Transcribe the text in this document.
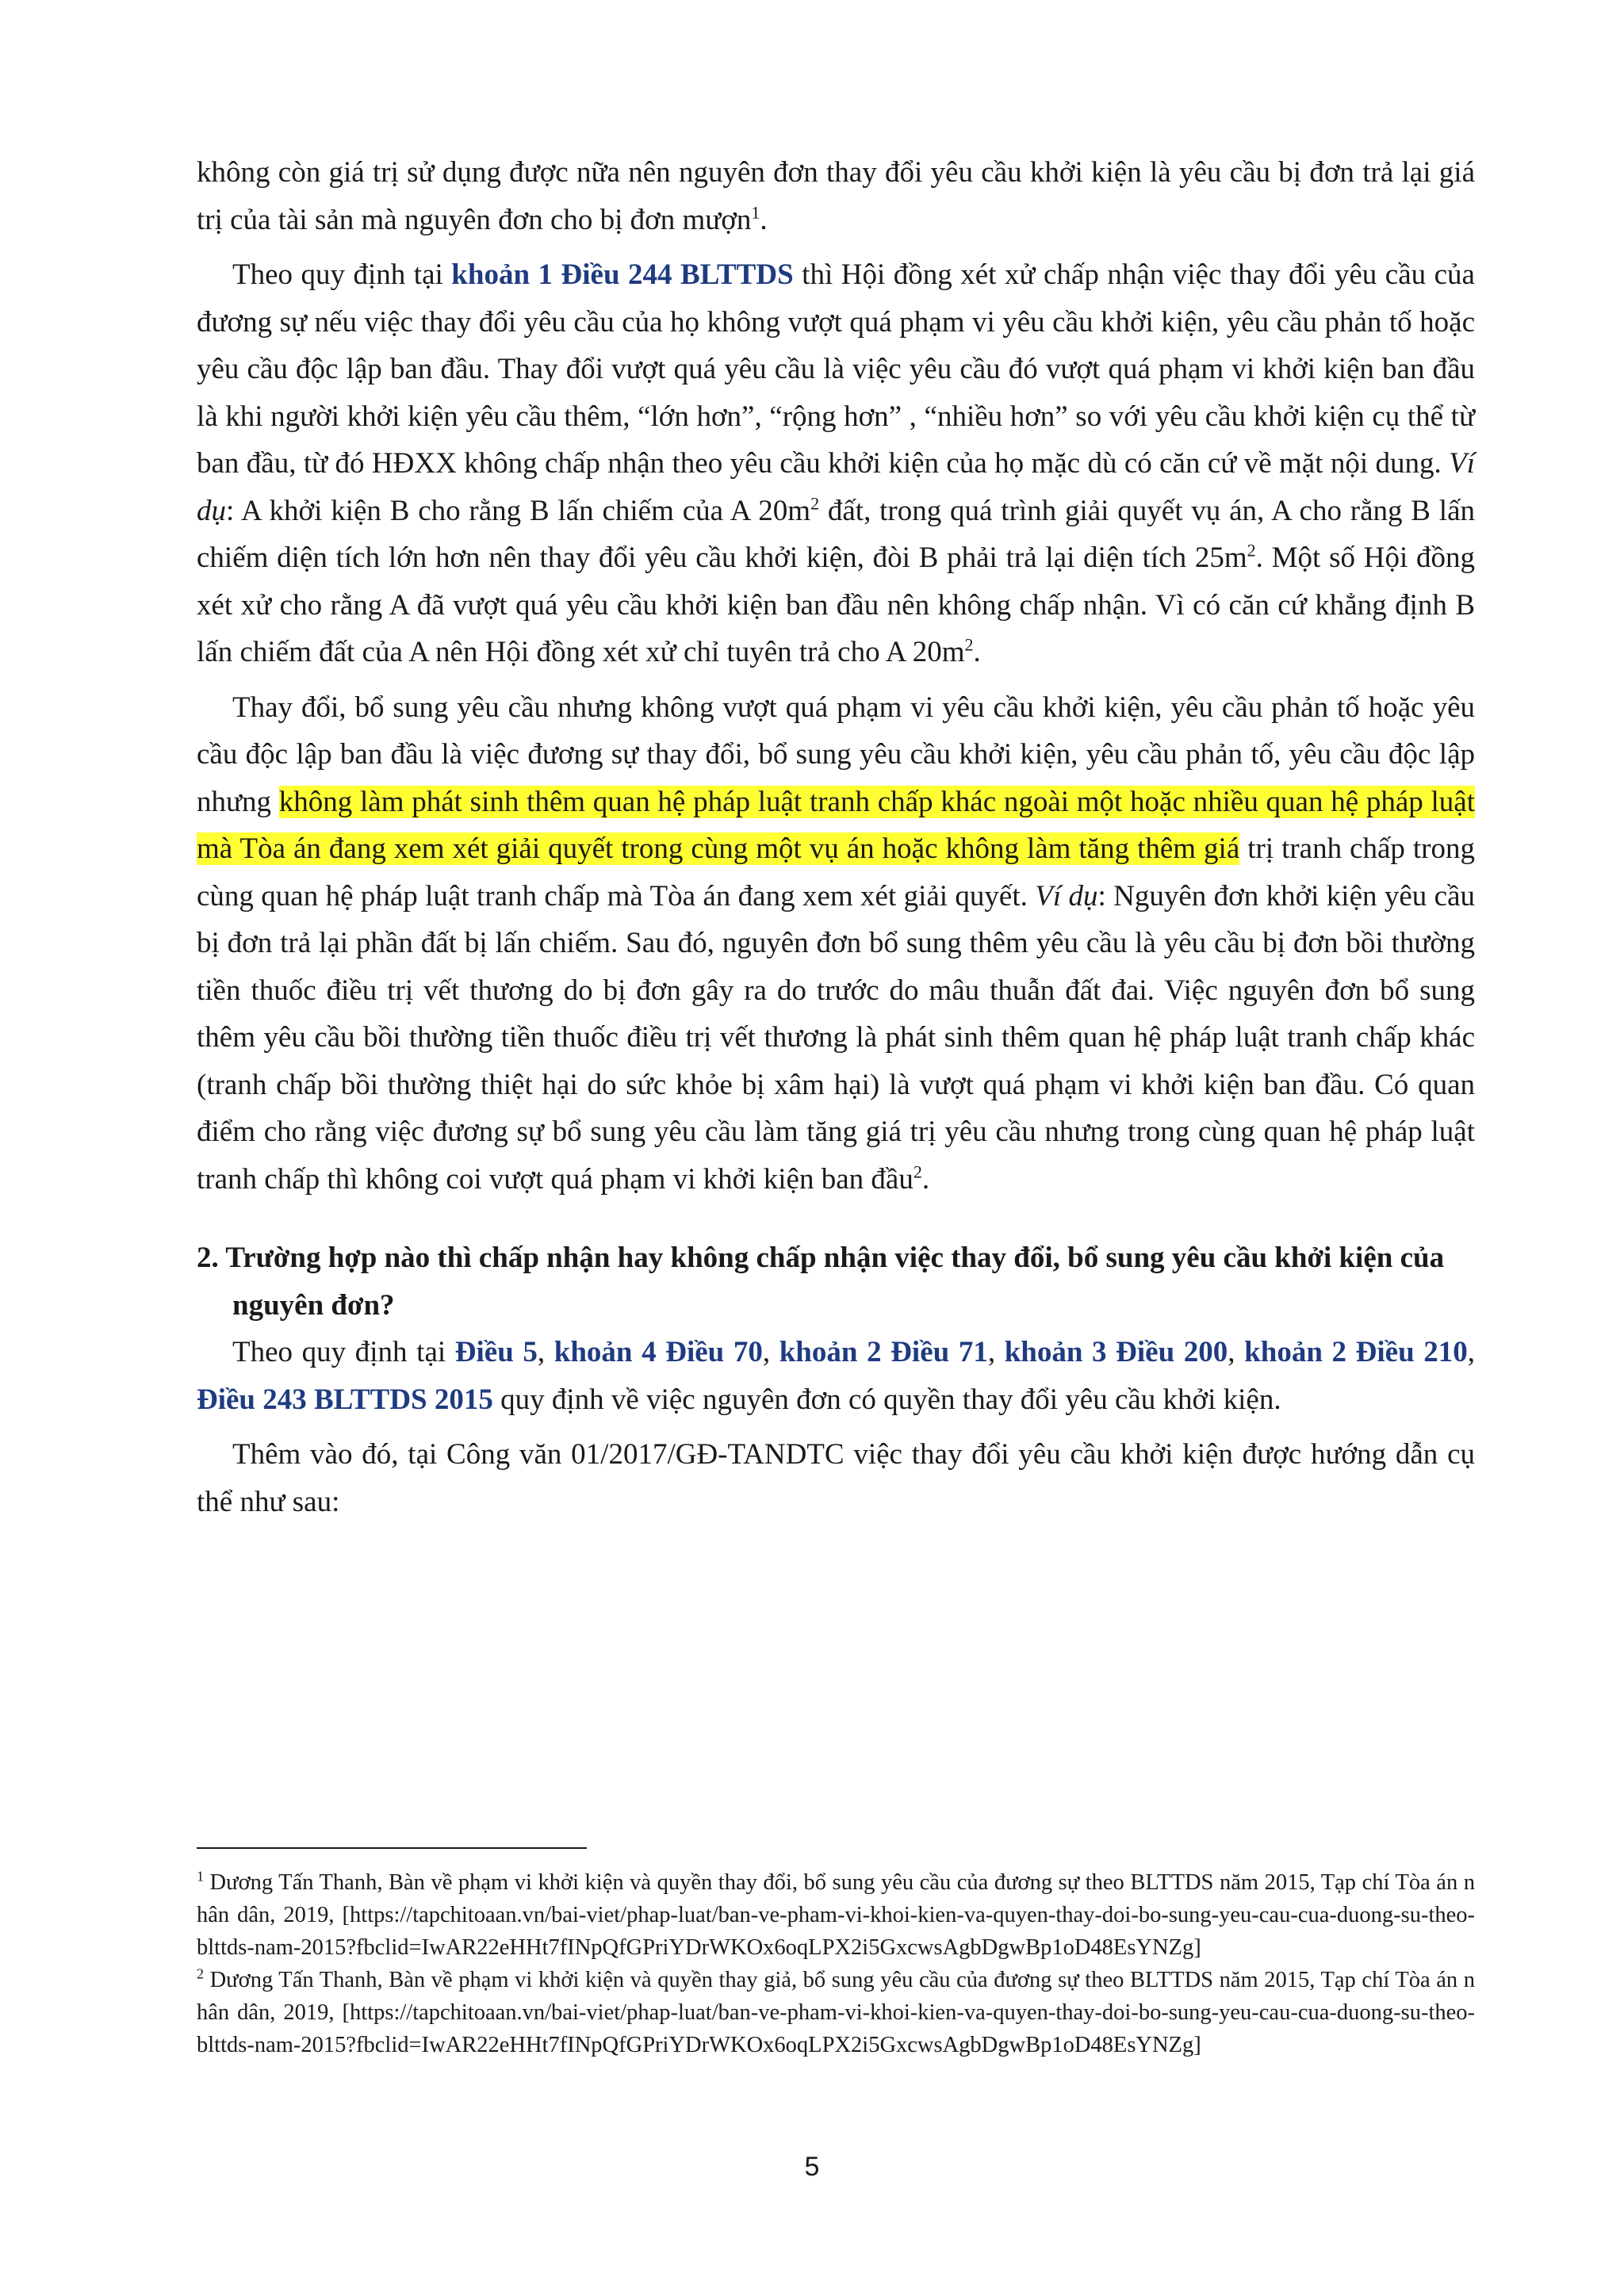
không còn giá trị sử dụng được nữa nên nguyên đơn thay đổi yêu cầu khởi kiện là yêu cầu bị đơn trả lại giá trị của tài sản mà nguyên đơn cho bị đơn mượn$^1$.

Theo quy định tại khoản 1 Điều 244 BLTTDS thì Hội đồng xét xử chấp nhận việc thay đổi yêu cầu của đương sự nếu việc thay đổi yêu cầu của họ không vượt quá phạm vi yêu cầu khởi kiện, yêu cầu phản tố hoặc yêu cầu độc lập ban đầu. Thay đổi vượt quá yêu cầu là việc yêu cầu đó vượt quá phạm vi khởi kiện ban đầu là khi người khởi kiện yêu cầu thêm, “lớn hơn”, “rộng hơn” , “nhiều hơn” so với yêu cầu khởi kiện cụ thể từ ban đầu, từ đó HĐXX không chấp nhận theo yêu cầu khởi kiện của họ mặc dù có căn cứ về mặt nội dung. Ví dụ: A khởi kiện B cho rằng B lấn chiếm của A $20m^2$ đất, trong quá trình giải quyết vụ án, A cho rằng B lấn chiếm diện tích lớn hơn nên thay đổi yêu cầu khởi kiện, đòi B phải trả lại diện tích $25m^2$. Một số Hội đồng xét xử cho rằng A đã vượt quá yêu cầu khởi kiện ban đầu nên không chấp nhận. Vì có căn cứ khẳng định B lấn chiếm đất của A nên Hội đồng xét xử chỉ tuyên trả cho A $20m^2$.

Thay đổi, bổ sung yêu cầu nhưng không vượt quá phạm vi yêu cầu khởi kiện, yêu cầu phản tố hoặc yêu cầu độc lập ban đầu là việc đương sự thay đổi, bổ sung yêu cầu khởi kiện, yêu cầu phản tố, yêu cầu độc lập nhưng không làm phát sinh thêm quan hệ pháp luật tranh chấp khác ngoài một hoặc nhiều quan hệ pháp luật mà Tòa án đang xem xét giải quyết trong cùng một vụ án hoặc không làm tăng thêm giá trị tranh chấp trong cùng quan hệ pháp luật tranh chấp mà Tòa án đang xem xét giải quyết. Ví dụ: Nguyên đơn khởi kiện yêu cầu bị đơn trả lại phần đất bị lấn chiếm. Sau đó, nguyên đơn bổ sung thêm yêu cầu là yêu cầu bị đơn bồi thường tiền thuốc điều trị vết thương do bị đơn gây ra do trước do mâu thuẫn đất đai. Việc nguyên đơn bổ sung thêm yêu cầu bồi thường tiền thuốc điều trị vết thương là phát sinh thêm quan hệ pháp luật tranh chấp khác (tranh chấp bồi thường thiệt hại do sức khỏe bị xâm hại) là vượt quá phạm vi khởi kiện ban đầu. Có quan điểm cho rằng việc đương sự bổ sung yêu cầu làm tăng giá trị yêu cầu nhưng trong cùng quan hệ pháp luật tranh chấp thì không coi vượt quá phạm vi khởi kiện ban đầu$^2$.

2. Trường hợp nào thì chấp nhận hay không chấp nhận việc thay đổi, bổ sung yêu cầu khởi kiện của nguyên đơn?

Theo quy định tại Điều 5, khoản 4 Điều 70, khoản 2 Điều 71, khoản 3 Điều 200, khoản 2 Điều 210, Điều 243 BLTTDS 2015 quy định về việc nguyên đơn có quyền thay đổi yêu cầu khởi kiện.

Thêm vào đó, tại Công văn 01/2017/GĐ-TANDTC việc thay đổi yêu cầu khởi kiện được hướng dẫn cụ thể như sau:

$^1$ Dương Tấn Thanh, Bàn về phạm vi khởi kiện và quyền thay đổi, bổ sung yêu cầu của đương sự theo BLTTDS năm 2015, Tạp chí Tòa án nhân dân, 2019, [https://tapchitoaan.vn/bai-viet/phap-luat/ban-ve-pham-vi-khoi-kien-va-quyen-thay-doi-bo-sung-yeu-cau-cua-duong-su-theo-blttds-nam-2015?fbclid=IwAR22eHHt7fINpQfGPriYDrWKOx6oqLPX2i5GxcwsAgbDgwBp1oD48EsYNZg]

$^2$ Dương Tấn Thanh, Bàn về phạm vi khởi kiện và quyền thay giả, bổ sung yêu cầu của đương sự theo BLTTDS năm 2015, Tạp chí Tòa án nhân dân, 2019, [https://tapchitoaan.vn/bai-viet/phap-luat/ban-ve-pham-vi-khoi-kien-va-quyen-thay-doi-bo-sung-yeu-cau-cua-duong-su-theo-blttds-nam-2015?fbclid=IwAR22eHHt7fINpQfGPriYDrWKOx6oqLPX2i5GxcwsAgbDgwBp1oD48EsYNZg]

5
